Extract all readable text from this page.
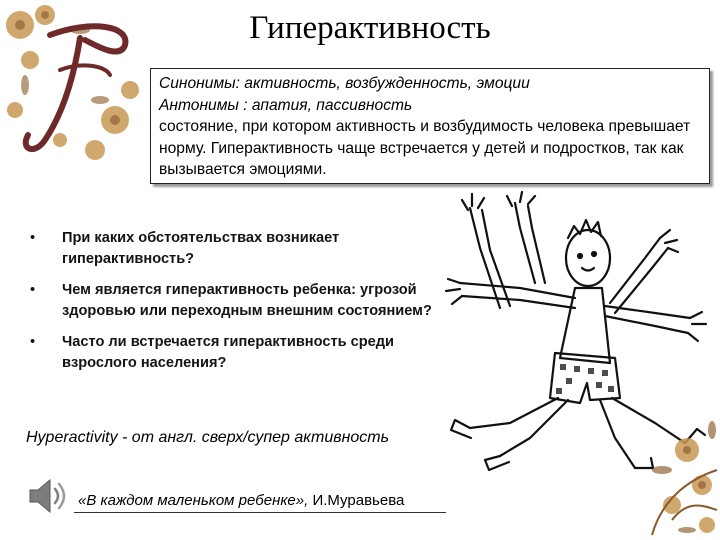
Гиперактивность
Синонимы: активность, возбужденность, эмоции
Антонимы : апатия, пассивность
состояние, при котором активность и возбудимость человека превышает норму. Гиперактивность чаще встречается у детей и подростков, так как вызывается эмоциями.
• При каких обстоятельствах возникает гиперактивность?
• Чем является гиперактивность ребенка: угрозой здоровью или переходным внешним состоянием?
• Часто ли встречается гиперактивность среди взрослого населения?
Hyperactivity - от англ. сверх/супер активность
«В каждом маленьком ребенке», И.Муравьева
